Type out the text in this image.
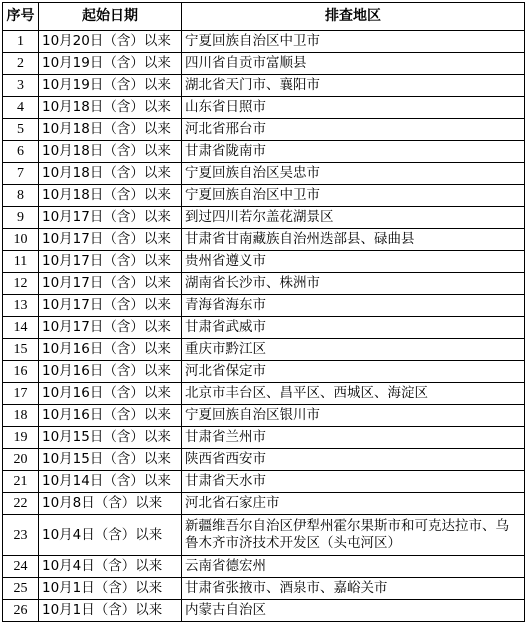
序号	起始日期	排查地区
1	10月20日（含）以来	宁夏回族自治区中卫市
2	10月19日（含）以来	四川省自贡市富顺县
3	10月19日（含）以来	湖北省天门市、襄阳市
4	10月18日（含）以来	山东省日照市
5	10月18日（含）以来	河北省邢台市
6	10月18日（含）以来	甘肃省陇南市
7	10月18日（含）以来	宁夏回族自治区吴忠市
8	10月18日（含）以来	宁夏回族自治区中卫市
9	10月17日（含）以来	到过四川若尔盖花湖景区
10	10月17日（含）以来	甘肃省甘南藏族自治州迭部县、碌曲县
11	10月17日（含）以来	贵州省遵义市
12	10月17日（含）以来	湖南省长沙市、株洲市
13	10月17日（含）以来	青海省海东市
14	10月17日（含）以来	甘肃省武威市
15	10月16日（含）以来	重庆市黔江区
16	10月16日（含）以来	河北省保定市
17	10月16日（含）以来	北京市丰台区、昌平区、西城区、海淀区
18	10月16日（含）以来	宁夏回族自治区银川市
19	10月15日（含）以来	甘肃省兰州市
20	10月15日（含）以来	陕西省西安市
21	10月14日（含）以来	甘肃省天水市
22	10月8日（含）以来	河北省石家庄市
23	10月4日（含）以来	新疆维吾尔自治区伊犁州霍尔果斯市和可克达拉市、乌鲁木齐市济技术开发区（头屯河区）
24	10月4日（含）以来	云南省德宏州
25	10月1日（含）以来	甘肃省张掖市、酒泉市、嘉峪关市
26	10月1日（含）以来	内蒙古自治区
